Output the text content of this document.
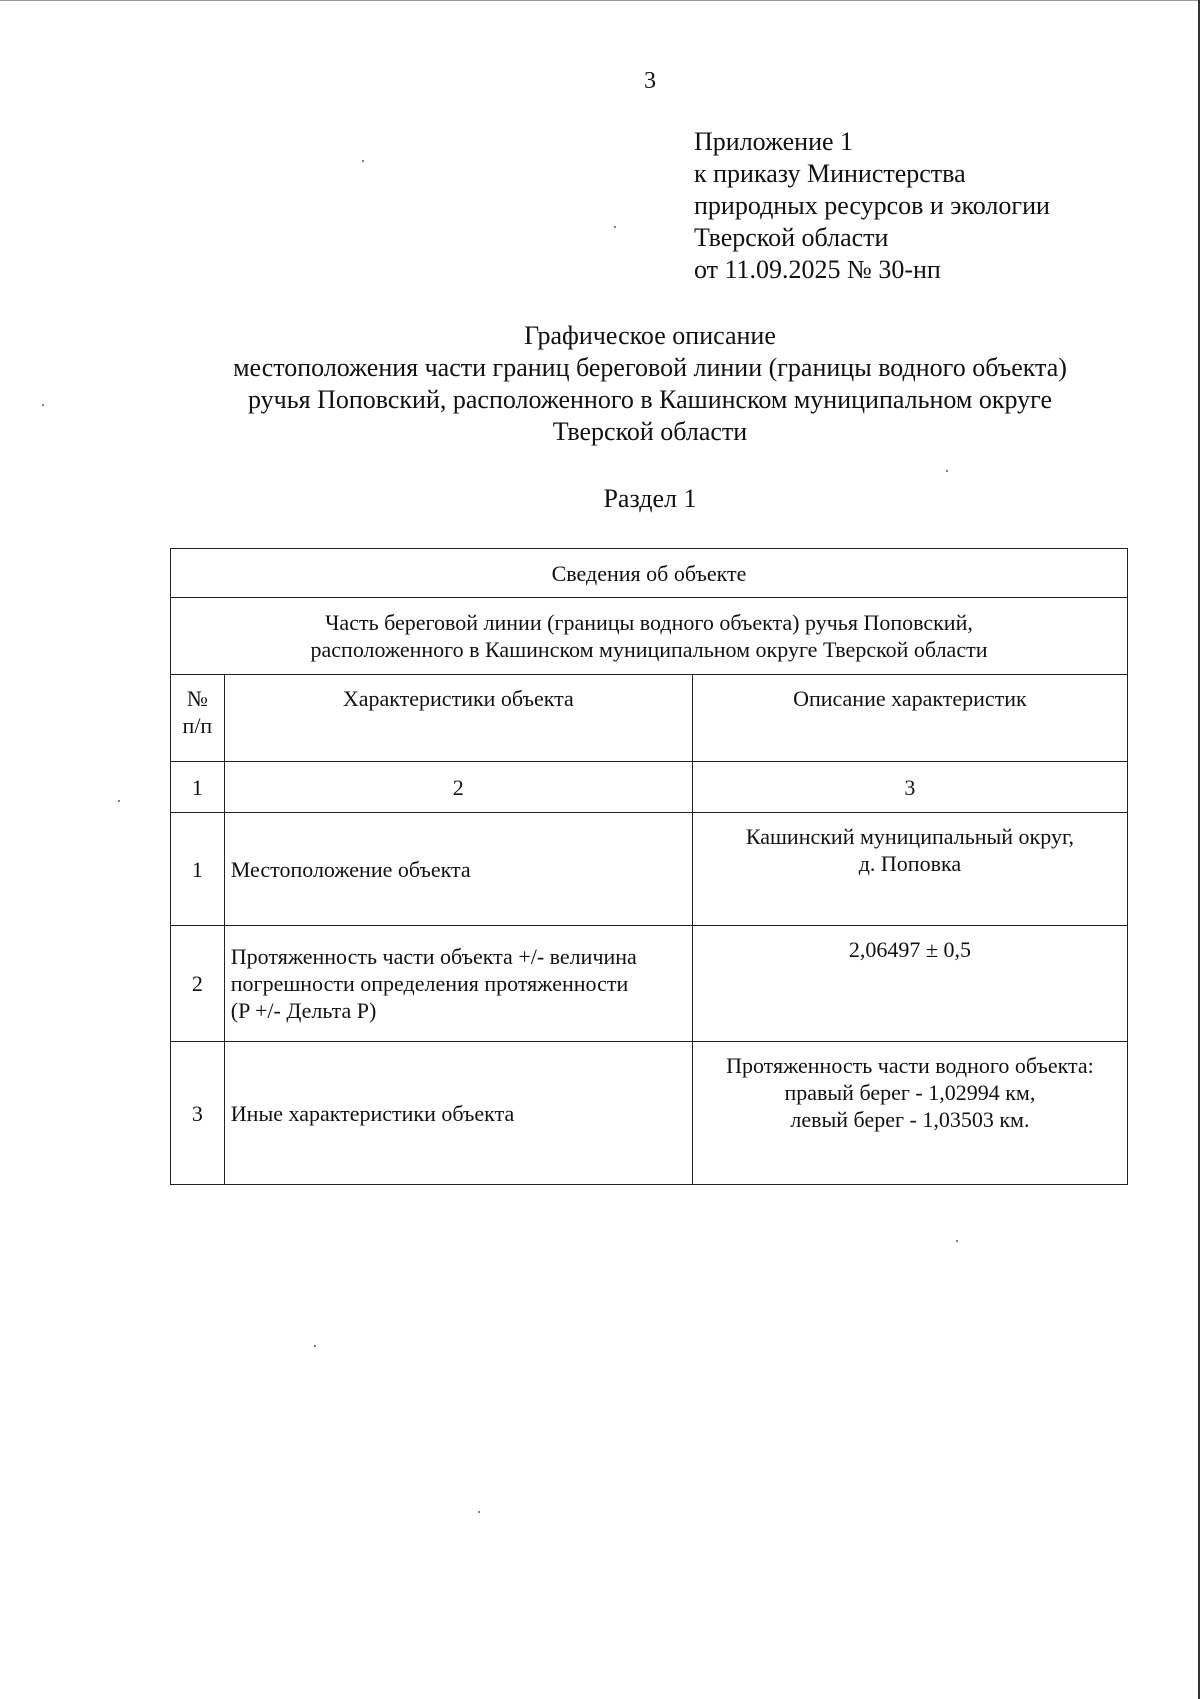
3
Приложение 1
к приказу Министерства
природных ресурсов и экологии
Тверской области
от 11.09.2025 № 30-нп
Графическое описание
местоположения части границ береговой линии (границы водного объекта)
ручья Поповский, расположенного в Кашинском муниципальном округе
Тверской области
Раздел 1
Сведения об объекте		

Часть береговой линии (границы водного объекта) ручья Поповский,
расположенного в Кашинском муниципальном округе Тверской области		

№
п/п	Характеристики объекта	Описание характеристик
1	2	3
1	Местоположение объекта	Кашинский муниципальный округ,
д. Поповка

2	Протяженность части объекта +/- величина
погрешности определения протяженности
(P +/- Дельта P)	2,06497 ± 0,5

3	Иные характеристики объекта	Протяженность части водного объекта:
правый берег - 1,02994 км,
левый берег - 1,03503 км.
